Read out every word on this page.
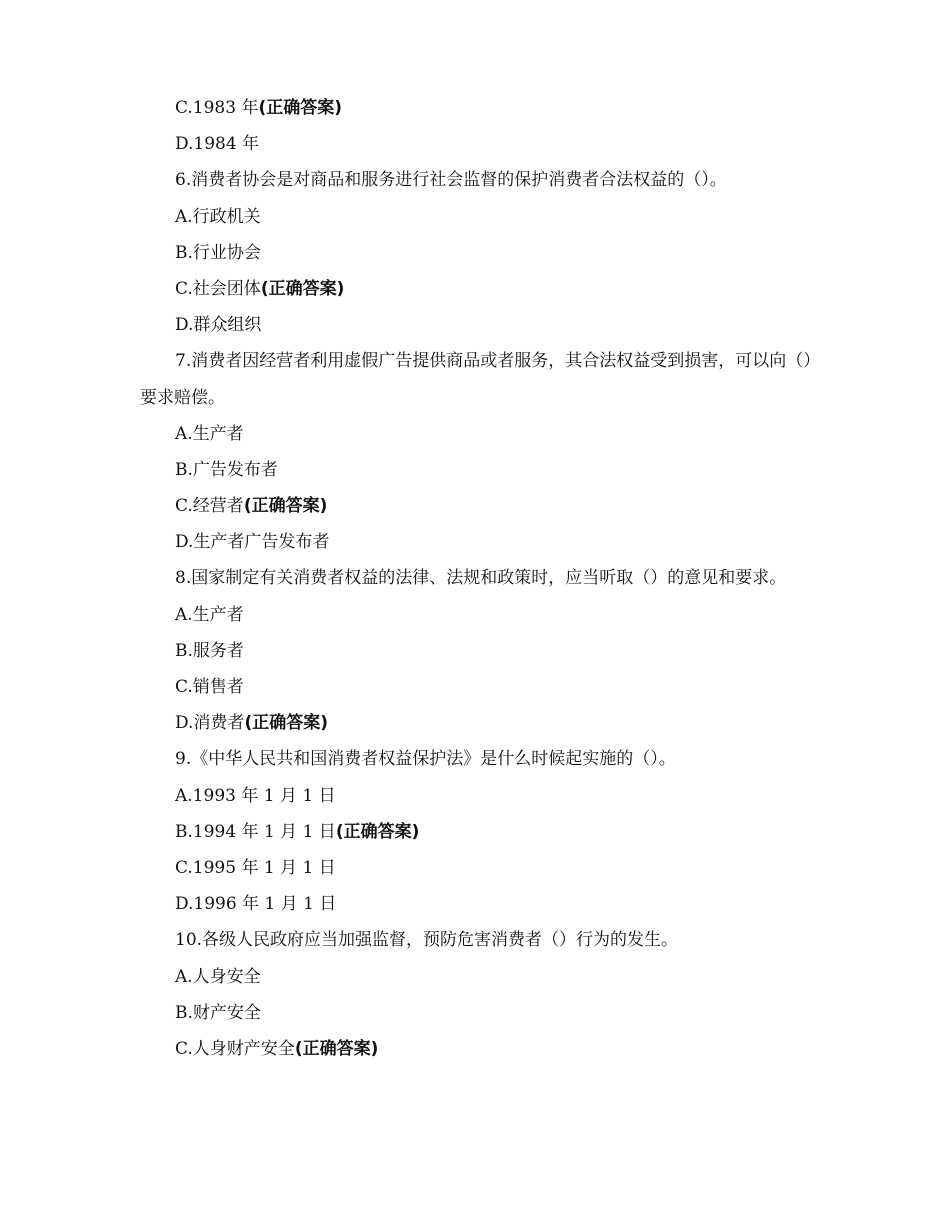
C.1983 年(正确答案)
D.1984 年
6.消费者协会是对商品和服务进行社会监督的保护消费者合法权益的（）。
A.行政机关
B.行业协会
C.社会团体(正确答案)
D.群众组织
7.消费者因经营者利用虚假广告提供商品或者服务，其合法权益受到损害，可以向（）要求赔偿。
A.生产者
B.广告发布者
C.经营者(正确答案)
D.生产者广告发布者
8.国家制定有关消费者权益的法律、法规和政策时，应当听取（）的意见和要求。
A.生产者
B.服务者
C.销售者
D.消费者(正确答案)
9.《中华人民共和国消费者权益保护法》是什么时候起实施的（）。
A.1993 年 1 月 1 日
B.1994 年 1 月 1 日(正确答案)
C.1995 年 1 月 1 日
D.1996 年 1 月 1 日
10.各级人民政府应当加强监督，预防危害消费者（）行为的发生。
A.人身安全
B.财产安全
C.人身财产安全(正确答案)
